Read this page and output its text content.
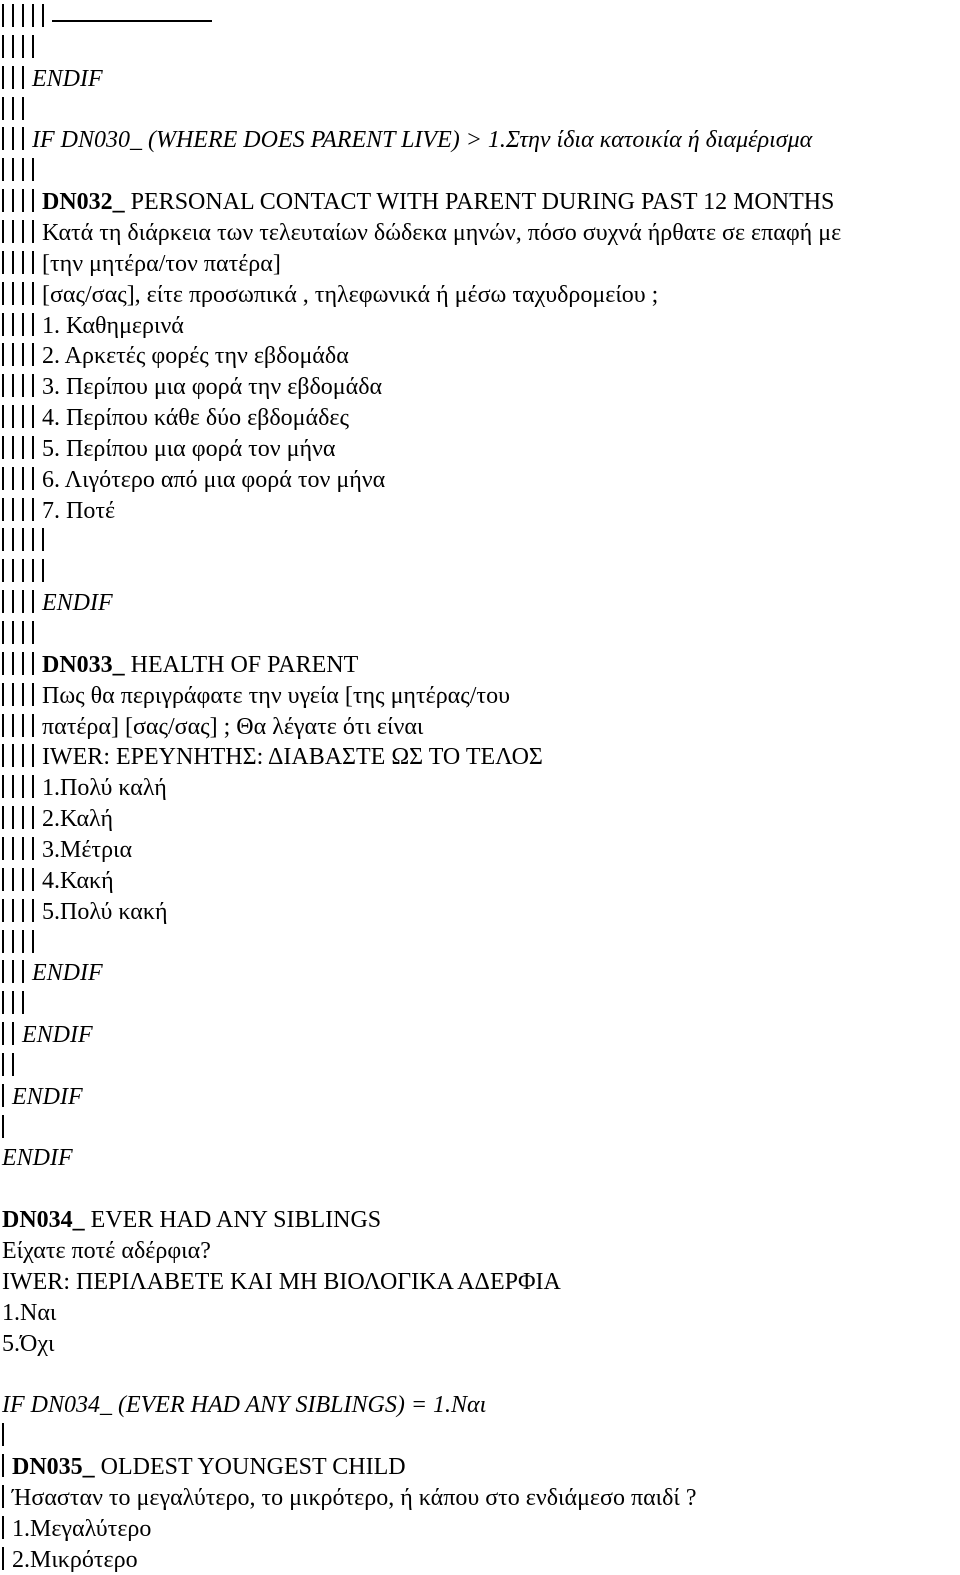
ENDIF
IF DN030_ (WHERE DOES PARENT LIVE) > 1.Στην ίδια κατοικία ή διαμέρισμα
DN032_ PERSONAL CONTACT WITH PARENT DURING PAST 12 MONTHS
Κατά τη διάρκεια των τελευταίων δώδεκα μηνών, πόσο συχνά ήρθατε σε επαφή με
[την μητέρα/τον πατέρα]
[σας/σας], είτε προσωπικά , τηλεφωνικά ή μέσω ταχυδρομείου ;
1. Καθημερινά
2. Αρκετές φορές την εβδομάδα
3. Περίπου μια φορά την εβδομάδα
4. Περίπου κάθε δύο εβδομάδες
5. Περίπου μια φορά τον μήνα
6. Λιγότερο από μια φορά τον μήνα
7. Ποτέ
ENDIF
DN033_ HEALTH OF PARENT
Πως θα περιγράφατε την υγεία [της μητέρας/του
πατέρα] [σας/σας] ; Θα λέγατε ότι είναι
IWER: ΕΡΕΥΝΗΤΗΣ: ΔΙΑΒΑΣΤΕ ΩΣ ΤΟ ΤΕΛΟΣ
1.Πολύ καλή
2.Καλή
3.Μέτρια
4.Κακή
5.Πολύ κακή
ENDIF
ENDIF
ENDIF
ENDIF
DN034_ EVER HAD ANY SIBLINGS
Είχατε ποτέ αδέρφια?
IWER: ΠΕΡΙΛΑΒΕΤΕ ΚΑΙ ΜΗ ΒΙΟΛΟΓΙΚΑ ΑΔΕΡΦΙΑ
1.Ναι
5.Όχι
IF DN034_ (EVER HAD ANY SIBLINGS) = 1.Ναι
DN035_ OLDEST YOUNGEST CHILD
Ήσασταν το μεγαλύτερο, το μικρότερο, ή κάπου στο ενδιάμεσο παιδί ?
1.Μεγαλύτερο
2.Μικρότερο
